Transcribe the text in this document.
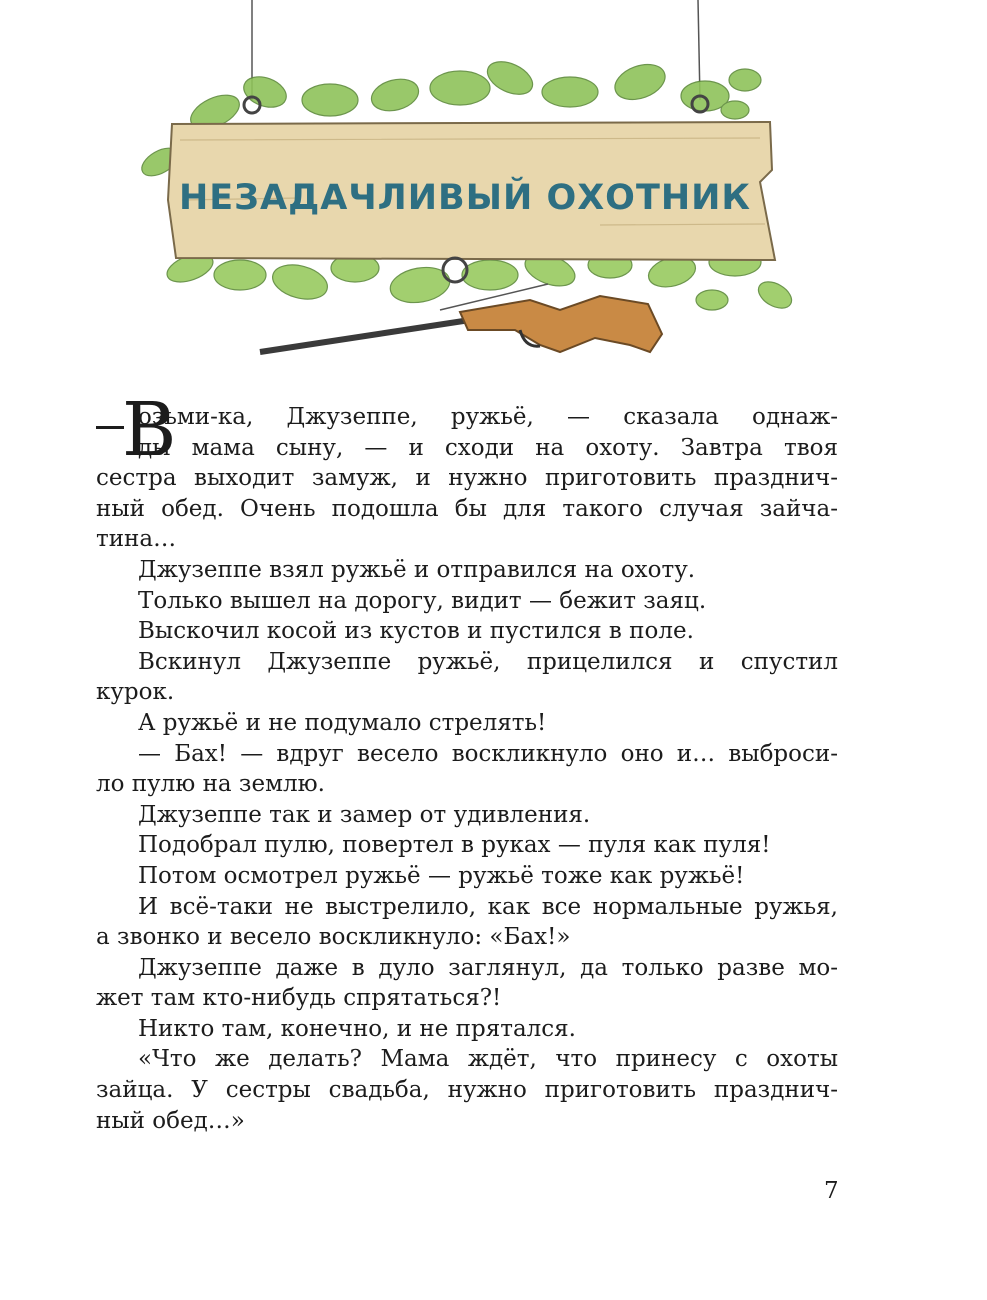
НЕЗАДАЧЛИВЫЙ ОХОТНИК
В
озьми-ка, Джузеппе, ружьё, — сказала однаж-
ды мама сыну, — и сходи на охоту. Завтра твоя
сестра выходит замуж, и нужно приготовить празднич-
ный обед. Очень подошла бы для такого случая зайча-
тина…
Джузеппе взял ружьё и отправился на охоту.
Только вышел на дорогу, видит — бежит заяц.
Выскочил косой из кустов и пустился в поле.
Вскинул Джузеппе ружьё, прицелился и спустил
курок.
А ружьё и не подумало стрелять!
— Бах! — вдруг весело воскликнуло оно и… выброси-
ло пулю на землю.
Джузеппе так и замер от удивления.
Подобрал пулю, повертел в руках — пуля как пуля!
Потом осмотрел ружьё — ружьё тоже как ружьё!
И всё-таки не выстрелило, как все нормальные ружья,
а звонко и весело воскликнуло: «Бах!»
Джузеппе даже в дуло заглянул, да только разве мо-
жет там кто-нибудь спрятаться?!
Никто там, конечно, и не прятался.
«Что же делать? Мама ждёт, что принесу с охоты
зайца. У сестры свадьба, нужно приготовить празднич-
ный обед…»
7
